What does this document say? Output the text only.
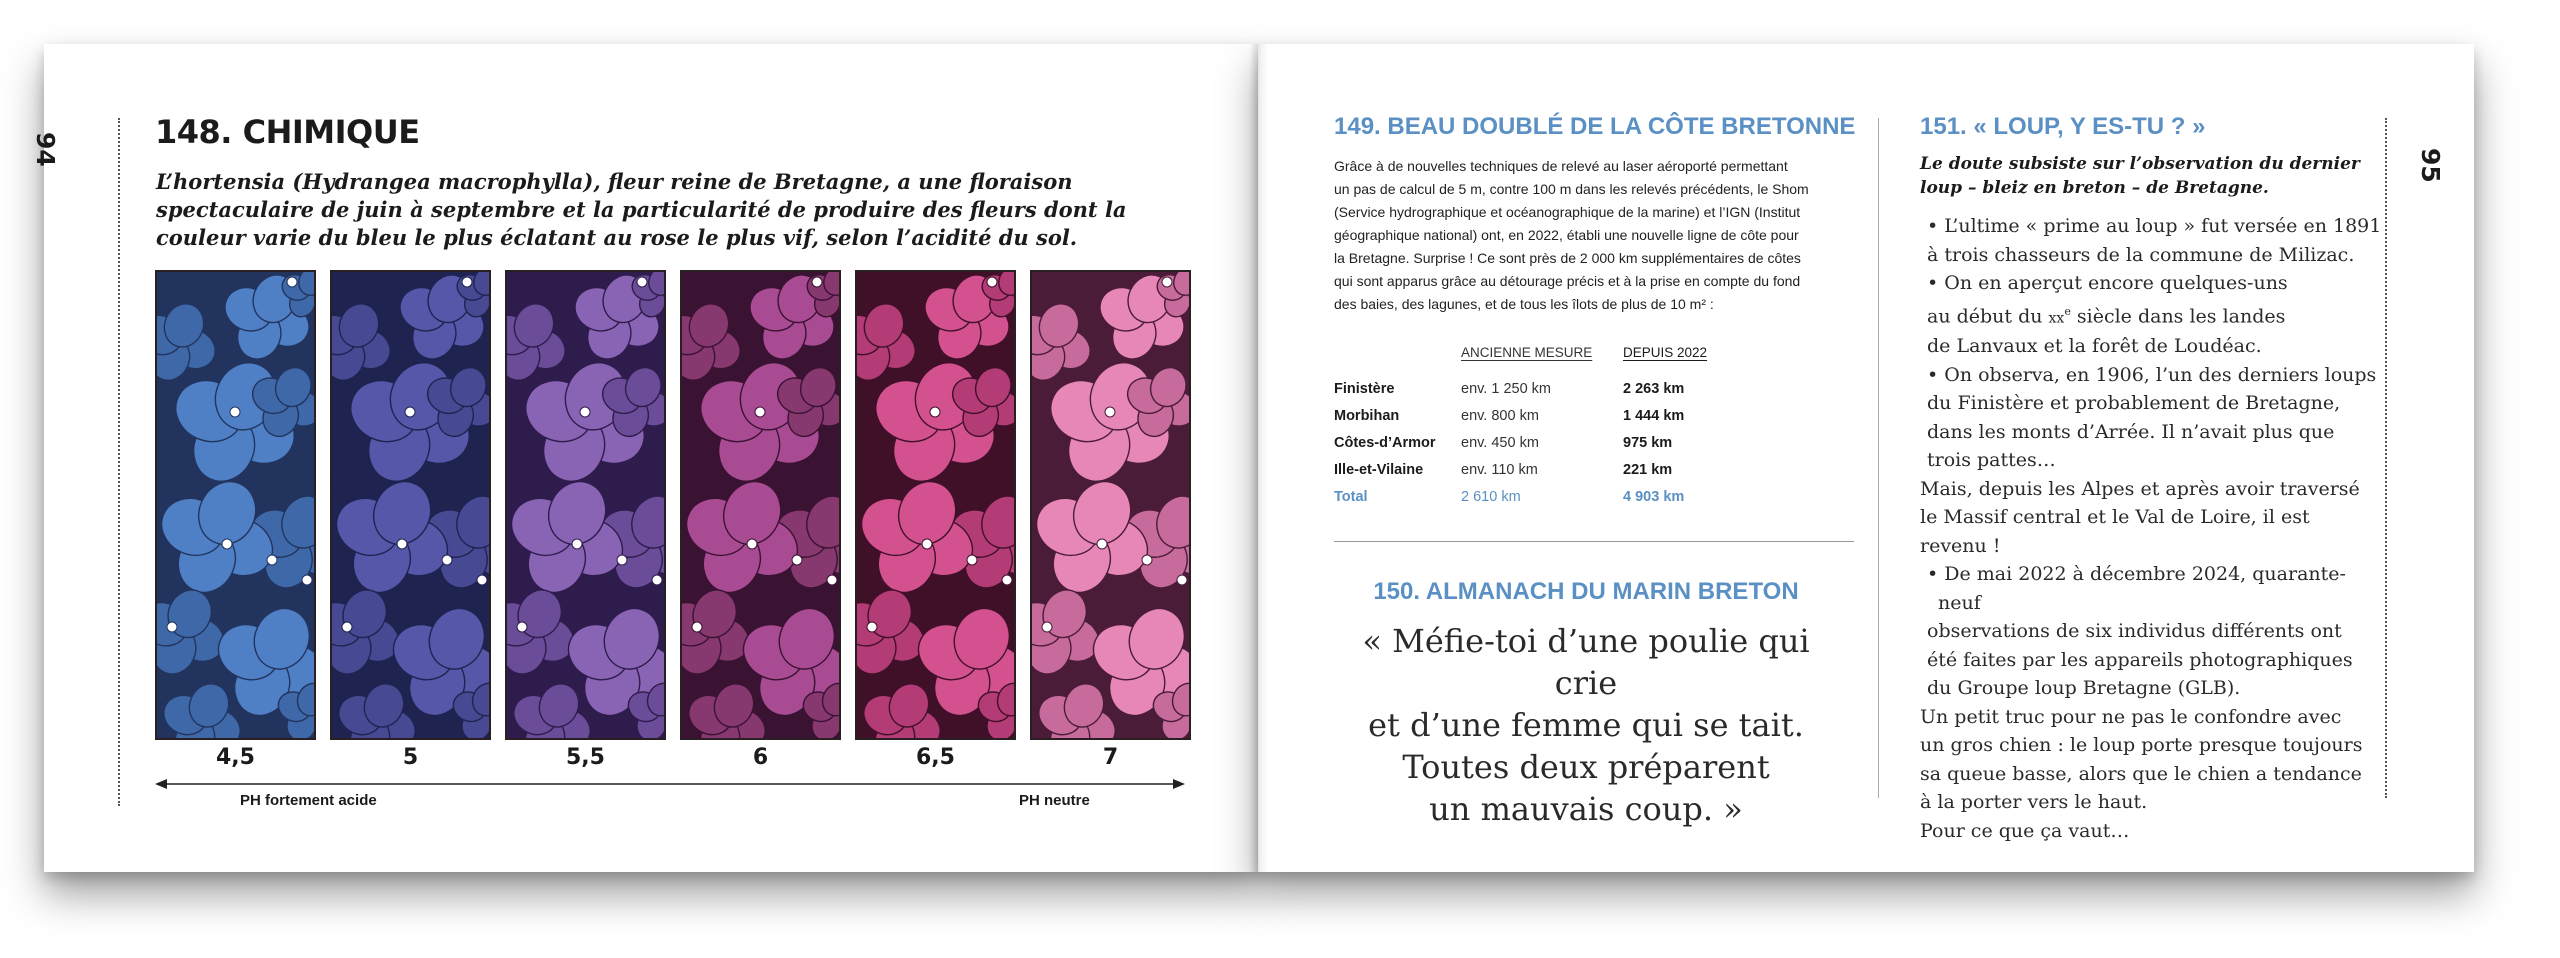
94	148. CHIMIQUE
L’hortensia (Hydrangea macrophylla), fleur reine de Bretagne, a une floraison spectaculaire de juin à septembre et la particularité de produire des fleurs dont la couleur varie du bleu le plus éclatant au rose le plus vif, selon l’acidité du sol.
PH fortement acide	PH neutre
95
149. BEAU DOUBLÉ DE LA CÔTE BRETONNE
Grâce à de nouvelles techniques de relevé au laser aéroporté permettant
un pas de calcul de 5 m, contre 100 m dans les relevés précédents, le Shom
(Service hydrographique et océanographique de la marine) et l’IGN (Institut
géographique national) ont, en 2022, établi une nouvelle ligne de côte pour
la Bretagne. Surprise ! Ce sont près de 2 000 km supplémentaires de côtes
qui sont apparus grâce au détourage précis et à la prise en compte du fond
des baies, des lagunes, et de tous les îlots de plus de 10 m² :
	ANCIENNE MESURE	DEPUIS 2022
Finistère	env. 1 250 km	2 263 km
Morbihan	env. 800 km	1 444 km
Côtes-d’Armor	env. 450 km	975 km
Ille-et-Vilaine	env. 110 km	221 km
Total	2 610 km	4 903 km
150. ALMANACH DU MARIN BRETON
« Méfie-toi d’une poulie qui crie
et d’une femme qui se tait.
Toutes deux préparent
un mauvais coup. »
151. « LOUP, Y ES-TU ? »
Le doute subsiste sur l’observation du dernier
loup – bleiz en breton – de Bretagne.
• L’ultime « prime au loup » fut versée en 1891
à trois chasseurs de la commune de Milizac.
• On en aperçut encore quelques-uns
au début du $xx^e$ siècle dans les landes
de Lanvaux et la forêt de Loudéac.
• On observa, en 1906, l’un des derniers loups
du Finistère et probablement de Bretagne,
dans les monts d’Arrée. Il n’avait plus que
trois pattes…
Mais, depuis les Alpes et après avoir traversé
le Massif central et le Val de Loire, il est revenu !
• De mai 2022 à décembre 2024, quarante-neuf
observations de six individus différents ont
été faites par les appareils photographiques
du Groupe loup Bretagne (GLB).
Un petit truc pour ne pas le confondre avec
un gros chien : le loup porte presque toujours
sa queue basse, alors que le chien a tendance
à la porter vers le haut.
Pour ce que ça vaut…
4,5	5	5,5	6	6,5	7
